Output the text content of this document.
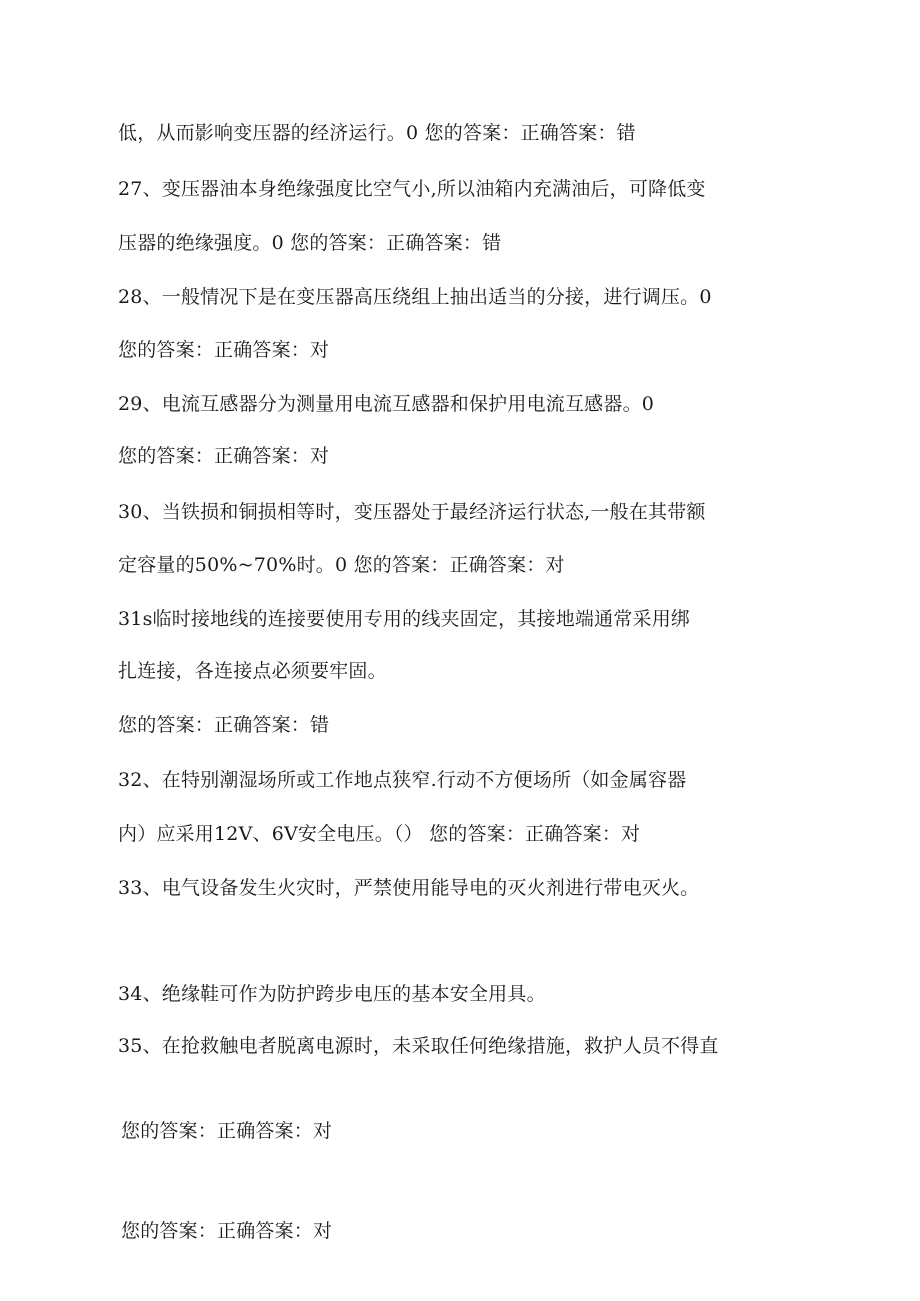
低，从而影响变压器的经济运行。0 您的答案：正确答案：错
27、变压器油本身绝缘强度比空气小,所以油箱内充满油后，可降低变
压器的绝缘强度。0 您的答案：正确答案：错
28、一般情况下是在变压器高压绕组上抽出适当的分接，进行调压。0
您的答案：正确答案：对
29、电流互感器分为测量用电流互感器和保护用电流互感器。0
您的答案：正确答案：对
30、当铁损和铜损相等时，变压器处于最经济运行状态,一般在其带额
定容量的50%~70%时。0 您的答案：正确答案：对
31s临时接地线的连接要使用专用的线夹固定，其接地端通常采用绑
扎连接，各连接点必须要牢固。
您的答案：正确答案：错
32、在特别潮湿场所或工作地点狭窄.行动不方便场所（如金属容器
内）应采用12V、6V安全电压。（） 您的答案：正确答案：对
33、电气设备发生火灾时，严禁使用能导电的灭火剂进行带电灭火。
34、绝缘鞋可作为防护跨步电压的基本安全用具。
35、在抢救触电者脱离电源时，未采取任何绝缘措施，救护人员不得直
您的答案：正确答案：对
您的答案：正确答案：对
